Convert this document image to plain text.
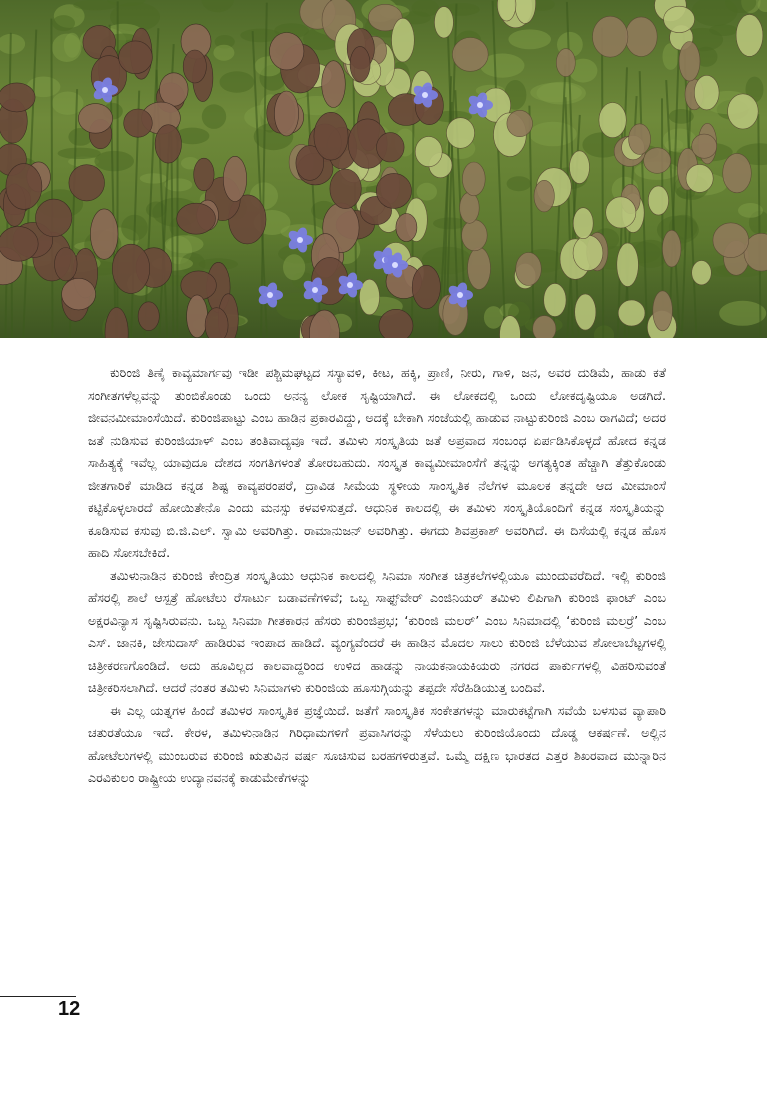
ಕುರಿಂಜಿ ತಿಣೈ ಕಾವ್ಯಮಾರ್ಗವು ಇಡೀ ಪಶ್ಚಿಮಘಟ್ಟದ ಸಸ್ಯಾವಳಿ, ಕೀಟ, ಹಕ್ಕಿ, ಪ್ರಾಣಿ, ನೀರು, ಗಾಳಿ, ಜನ, ಅವರ ದುಡಿಮೆ, ಹಾಡು ಕತೆ ಸಂಗೀತಗಳೆಲ್ಲವನ್ನು ತುಂಬಿಕೊಂಡು ಒಂದು ಅನನ್ಯ ಲೋಕ ಸೃಷ್ಟಿಯಾಗಿದೆ. ಈ ಲೋಕದಲ್ಲಿ ಒಂದು ಲೋಕದೃಷ್ಟಿಯೂ ಅಡಗಿದೆ. ಜೀವನಮೀಮಾಂಸೆಯಿದೆ. ಕುರಿಂಜಿಪಾಟ್ಟು ಎಂಬ ಹಾಡಿನ ಪ್ರಕಾರವಿದ್ದು, ಅದಕ್ಕೆ ಬೇಕಾಗಿ ಸಂಜೆಯಲ್ಲಿ ಹಾಡುವ ನಾಟ್ಟುಕುರಿಂಜಿ ಎಂಬ ರಾಗವಿದೆ; ಅದರ ಜತೆ ನುಡಿಸುವ ಕುರಿಂಜಿಯಾಳ್ ಎಂಬ ತಂತಿವಾದ್ಯವೂ ಇದೆ. ತಮಿಳು ಸಂಸ್ಕೃತಿಯ ಜತೆ ಅಪ್ರವಾದ ಸಂಬಂಧ ಏರ್ಪಡಿಸಿಕೊಳ್ಳದೆ ಹೋದ ಕನ್ನಡ ಸಾಹಿತ್ಯಕ್ಕೆ ಇವೆಲ್ಲ ಯಾವುದೂ ದೇಶದ ಸಂಗತಿಗಳಂತೆ ತೋರಬಹುದು. ಸಂಸ್ಕೃತ ಕಾವ್ಯಮೀಮಾಂಸೆಗೆ ತನ್ನನ್ನು ಅಗತ್ಯಕ್ಕಿಂತ ಹೆಚ್ಚಾಗಿ ತೆತ್ತುಕೊಂಡು ಜೀತಗಾರಿಕೆ ಮಾಡಿದ ಕನ್ನಡ ಶಿಷ್ಟ ಕಾವ್ಯಪರಂಪರೆ, ದ್ರಾವಿಡ ಸೀಮೆಯ ಸ್ಥಳೀಯ ಸಾಂಸ್ಕೃತಿಕ ನೆಲೆಗಳ ಮೂಲಕ ತನ್ನದೇ ಆದ ಮೀಮಾಂಸೆ ಕಟ್ಟಿಕೊಳ್ಳಲಾರದೆ ಹೋಯಿತೇನೊ ಎಂದು ಮನಸ್ಸು ಕಳವಳಿಸುತ್ತದೆ. ಆಧುನಿಕ ಕಾಲದಲ್ಲಿ ಈ ತಮಿಳು ಸಂಸ್ಕೃತಿಯೊಂದಿಗೆ ಕನ್ನಡ ಸಂಸ್ಕೃತಿಯನ್ನು ಕೂಡಿಸುವ ಕಸುವು ಬಿ.ಜಿ.ಎಲ್. ಸ್ವಾಮಿ ಅವರಿಗಿತ್ತು. ರಾಮಾನುಜನ್ ಅವರಿಗಿತ್ತು. ಈಗದು ಶಿವಪ್ರಕಾಶ್ ಅವರಿಗಿದೆ. ಈ ದಿಸೆಯಲ್ಲಿ ಕನ್ನಡ ಹೊಸ ಹಾದಿ ಸೋಸಬೇಕಿದೆ.

ತಮಿಳುನಾಡಿನ ಕುರಿಂಜಿ ಕೇಂದ್ರಿತ ಸಂಸ್ಕೃತಿಯು ಆಧುನಿಕ ಕಾಲದಲ್ಲಿ ಸಿನಿಮಾ ಸಂಗೀತ ಚಿತ್ರಕಲೆಗಳಲ್ಲಿಯೂ ಮುಂದುವರೆದಿದೆ. ಇಲ್ಲಿ ಕುರಿಂಜಿ ಹೆಸರಲ್ಲಿ ಶಾಲೆ ಆಸ್ಪತ್ರೆ ಹೋಟೆಲು ರೆಸಾರ್ಟು ಬಡಾವಣೆಗಳಿವೆ; ಒಬ್ಬ ಸಾಫ್ಟ್‌ವೇರ್ ಎಂಜಿನಿಯರ್ ತಮಿಳು ಲಿಪಿಗಾಗಿ ಕುರಿಂಜಿ ಫಾಂಟ್ ಎಂಬ ಅಕ್ಷರವಿನ್ಯಾಸ ಸೃಷ್ಟಿಸಿರುವನು. ಒಬ್ಬ ಸಿನಿಮಾ ಗೀತಕಾರನ ಹೆಸರು ಕುರಿಂಜಿಪ್ರಭ; ‘ಕುರಿಂಜಿ ಮಲರ್’ ಎಂಬ ಸಿನಿಮಾದಲ್ಲಿ ‘ಕುರಿಂಜಿ ಮಲರ್ರೆ’ ಎಂಬ ಎಸ್. ಜಾನಕಿ, ಜೇಸುದಾಸ್ ಹಾಡಿರುವ ಇಂಪಾದ ಹಾಡಿದೆ. ವ್ಯಂಗ್ಯವೆಂದರೆ ಈ ಹಾಡಿನ ಮೊದಲ ಸಾಲು ಕುರಿಂಜಿ ಬೆಳೆಯುವ ಶೋಲಾಬೆಟ್ಟಗಳಲ್ಲಿ ಚಿತ್ರೀಕರಣಗೊಂಡಿದೆ. ಅದು ಹೂವಿಲ್ಲದ ಕಾಲವಾದ್ದರಿಂದ ಉಳಿದ ಹಾಡನ್ನು ನಾಯಕನಾಯಕಿಯರು ನಗರದ ಪಾರ್ಕುಗಳಲ್ಲಿ ವಿಹರಿಸುವಂತೆ ಚಿತ್ರೀಕರಿಸಲಾಗಿದೆ. ಆದರೆ ನಂತರ ತಮಿಳು ಸಿನಿಮಾಗಳು ಕುರಿಂಜಿಯ ಹೂಸುಗ್ಗಿಯನ್ನು ತಪ್ಪದೇ ಸೆರೆಹಿಡಿಯುತ್ತ ಬಂದಿವೆ.

ಈ ಎಲ್ಲ ಯತ್ನಗಳ ಹಿಂದೆ ತಮಿಳರ ಸಾಂಸ್ಕೃತಿಕ ಪ್ರಜ್ಞೆಯಿದೆ. ಜತೆಗೆ ಸಾಂಸ್ಕೃತಿಕ ಸಂಕೇತಗಳನ್ನು ಮಾರುಕಟ್ಟೆಗಾಗಿ ಸವೆಯೆ ಬಳಸುವ ವ್ಯಾಪಾರಿ ಚತುರತೆಯೂ ಇದೆ. ಕೇರಳ, ತಮಿಳುನಾಡಿನ ಗಿರಿಧಾಮಗಳಿಗೆ ಪ್ರವಾಸಿಗರನ್ನು ಸೆಳೆಯಲು ಕುರಿಂಜಿಯೊಂದು ದೊಡ್ಡ ಆಕರ್ಷಣೆ. ಅಲ್ಲಿನ ಹೋಟೆಲುಗಳಲ್ಲಿ ಮುಂಬರುವ ಕುರಿಂಜಿ ಋತುವಿನ ವರ್ಷ ಸೂಚಿಸುವ ಬರಹಗಳಿರುತ್ತವೆ. ಒಮ್ಮೆ ದಕ್ಷಿಣ ಭಾರತದ ಎತ್ತರ ಶಿಖರವಾದ ಮುನ್ನಾರಿನ ಎರವಿಕುಲಂ ರಾಷ್ಟ್ರೀಯ ಉದ್ಯಾನವನಕ್ಕೆ ಕಾಡುಮೇಕೆಗಳನ್ನು

12
